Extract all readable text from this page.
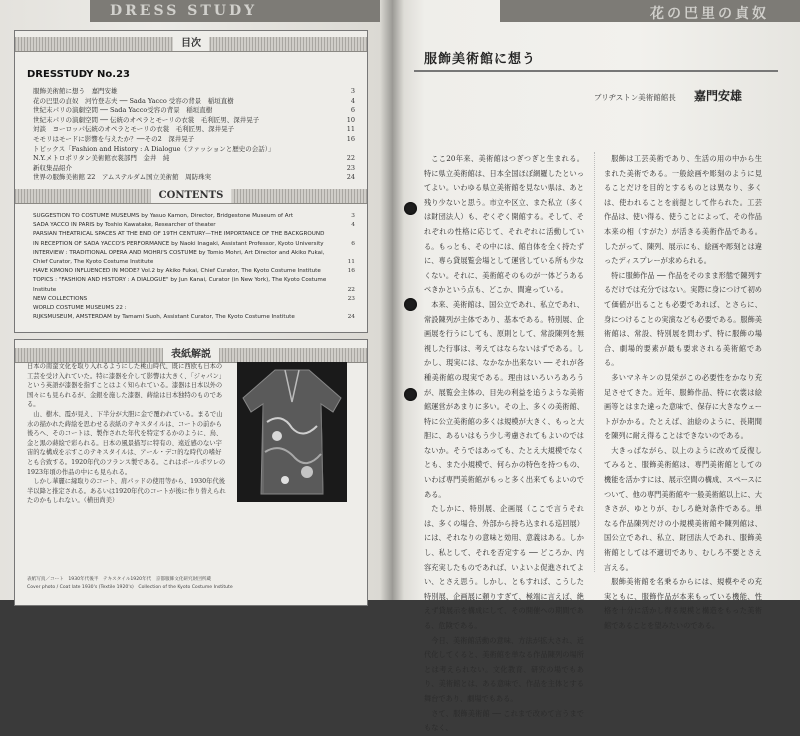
DRESS STUDY
目次
DRESSTUDY No.23
服飾美術館に想う　嘉門安雄	3
花の巴里の貞奴　河竹登志夫 ── Sada Yacco 受容の背景　稲垣直樹	4
世紀末パリの演劇空間 ── Sada Yacco受容の背景　稲垣直樹	6
世紀末パリの演劇空間 ── 伝統のオペラとモーリの衣裳　毛利匠男、深井晃子	10
対談　ヨーロッパ伝統のオペラとモーリの衣裳　毛利匠男、深井晃子	11
モモリはモードに影響を与えたか？──その2　深井晃子	16
トピックス「Fashion and History : A Dialogue（ファッションと歴史の会話）」
N.Y.メトロポリタン美術館衣裳部門　金井　純	22
新収集品紹介	23
世界の服飾美術館 22　アムステルダム国立美術館　周防珠実	24
CONTENTS
SUGGESTION TO COSTUME MUSEUMS by Yasuo Kamon, Director, Bridgestone Museum of Art	3
SADA YACCO IN PARIS by Toshio Kawatake, Researcher of theater	4
PARSIAN THEATRICAL SPACES AT THE END OF 19TH CENTURY—THE IMPORTANCE OF THE BACKGROUND
IN RECEPTION OF SADA YACCO'S PERFORMANCE by Naoki Inagaki, Assistant Professor, Kyoto University	6
INTERVIEW : TRADITIONAL OPERA AND MOHRI'S COSTUME by Tomio Mohri, Art Director and Akiko Fukai,
Chief Curator, The Kyoto Costume Institute	11
HAVE KIMONO INFLUENCED IN MODE? Vol.2 by Akiko Fukai, Chief Curator, The Kyoto Costume Institute	16
TOPICS : "FASHION AND HISTORY : A DIALOGUE" by Jun Kanai, Curator (in New York), The Kyoto Costume
Institute	22
NEW COLLECTIONS	23
WORLD COSTUME MUSEUMS 22 :
RIJKSMUSEUM, AMSTERDAM by Tamami Suoh, Assistant Curator, The Kyoto Costume Institute	24
表紙解説

日本の南蛮文化を取り入れるようにした桃山時代、既に西欧も日本の工芸を受け入れていた。特に漆器を介して影響は大きく、「ジャパン」という英語が漆器を指すことはよく知られている。漆器は日本以外の国々にも見られるが、金銀を施した漆器、蒔絵は日本独特のものである。

山、樹木、霞が見え、下半分が大胆に金で覆われている。まるで山水の描かれた蒔絵を思わせる表紙のテキスタイルは、コートの前から後ろへ、そのコートは、製作された年代を特定するかのように、鳥、金と黒の蒔絵で彩られる。日本の風景描写に特有の、遠近感のない宇宙的な構成を示すこのテキスタイルは、アール・デコ的な時代の嗜好とも合致する。1920年代のフランス製である。これはポールポワレの1923年頃の作品の中にも見られる。

しかし華麗に縁取りのコート、肩パッドの使用等から、1930年代後半以降と推定される。あるいは1920年代のコートが後に作り替えられたのかもしれない。（横田尚美）

表紙写真／コート　1930年代後半　テキスタイル1920年代　京都服飾文化研究財団所蔵
Cover photo / Coat late 1930's (Textile 1920's)　Collection of the Kyoto Costume Institute
花の巴里の貞奴
服飾美術館に想う
ブリヂストン美術館館長 嘉門安雄

ここ20年来、美術館はつぎつぎと生まれる。特に県立美術館は、日本全国ほぼ網羅したといってよい。いわゆる県立美術館を見ない県は、あと残り少ないと思う。市立や区立、また私立（多くは財団法人）も、ぞくぞく開館する。そして、それぞれの性格に応じて、それぞれに活動している。もっとも、その中には、館自体を全く持たずに、専ら貸展覧会場として運営している所も少なくない。それに、美術館そのものが一体どうあるべきかという点も、どこか、間違っている。

本来、美術館は、国公立であれ、私立であれ、常設陳列が主体であり、基本である。特別展、企画展を行うにしても、原則として、常設陳列を無視した行事は、考えてはならないはずである。しかし、現実には、なかなか出来ない ── それが各種美術館の現実である。理由はいろいろあろうが、展覧会主体の、目先の利益を追うような美術館運営があまりに多い。その上、多くの美術館、特に公立美術館の多くは規模が大きく、もっと大胆に、あるいはもう少し考慮されてもよいのではないか。そうではあっても、たとえ大規模でなくとも、また小規模で、何らかの特色を持つもの、いわば専門美術館がもっと多く出来てもよいのである。

たしかに、特別展、企画展（ここで言うそれは、多くの場合、外部から持ち込まれる巡回展）には、それなりの意味と効用、意義はある。しかし、私として、それを否定する ── どころか、内容充実したものであれば、いよいよ促進されてよい、とさえ思う。しかし、ともすれば、こうした特別展、企画展に頼りすぎて、極端に言えば、絶えず貸展示を構成にして、その開催への期間である、危険である。

今日、美術館活動の意味、方法が拡大され、近代化してくると、美術館を単なる作品陳列の場所とは考えられない。文化教育、研究の場でもあり、美術館とは、ある意味で、作品を主体とする舞台であり、劇場でもある。

さて、服飾美術館 ── これまで改めて言うまでもなく、

服飾は工芸美術であり、生活の用の中から生まれた美術である。一般絵画や彫刻のように見ることだけを目的とするものとは異なり、多くは、使われることを前提として作られた。工芸作品は、使い得る、使うことによって、その作品本来の相（すがた）が活きる美術作品である。したがって、陳列、展示にも、絵画や彫刻とは違ったディスプレーが求められる。

特に服飾作品 ── 作品をそのまま形態で陳列するだけでは充分ではない。実際に身につけて初めて価値が出ることも必要であれば、とさらに、身につけることの実演なども必要である。服飾美術館は、常設、特別展を問わず、特に服飾の場合、劇場的要素が最も要求される美術館である。

多いマネキンの見栄がこの必要性をかなり充足させてきた。近年、服飾作品、特に衣裳は絵画等とはまた違った意味で、保存に大きなウェートがかかる。たとえば、油絵のように、長期間を陳列に耐え得ることはできないのである。

大きっぱながら、以上のように改めて反復してみると、服飾美術館は、専門美術館としての機能を活かすには、展示空間の構成、スペースについて、他の専門美術館や一般美術館以上に、大きさが、ゆとりが、むしろ絶対条件である。単なる作品陳列だけの小規模美術館や陳列館は、国公立であれ、私立、財団法人であれ、服飾美術館としては不適切であり、むしろ不要とさえ言える。

服飾美術館を名乗るからには、規模やその充実ともに、服飾作品が本来もっている機能、性格を十分に活かし得る規模と構造をもった美術館であることを望みたいのである。
